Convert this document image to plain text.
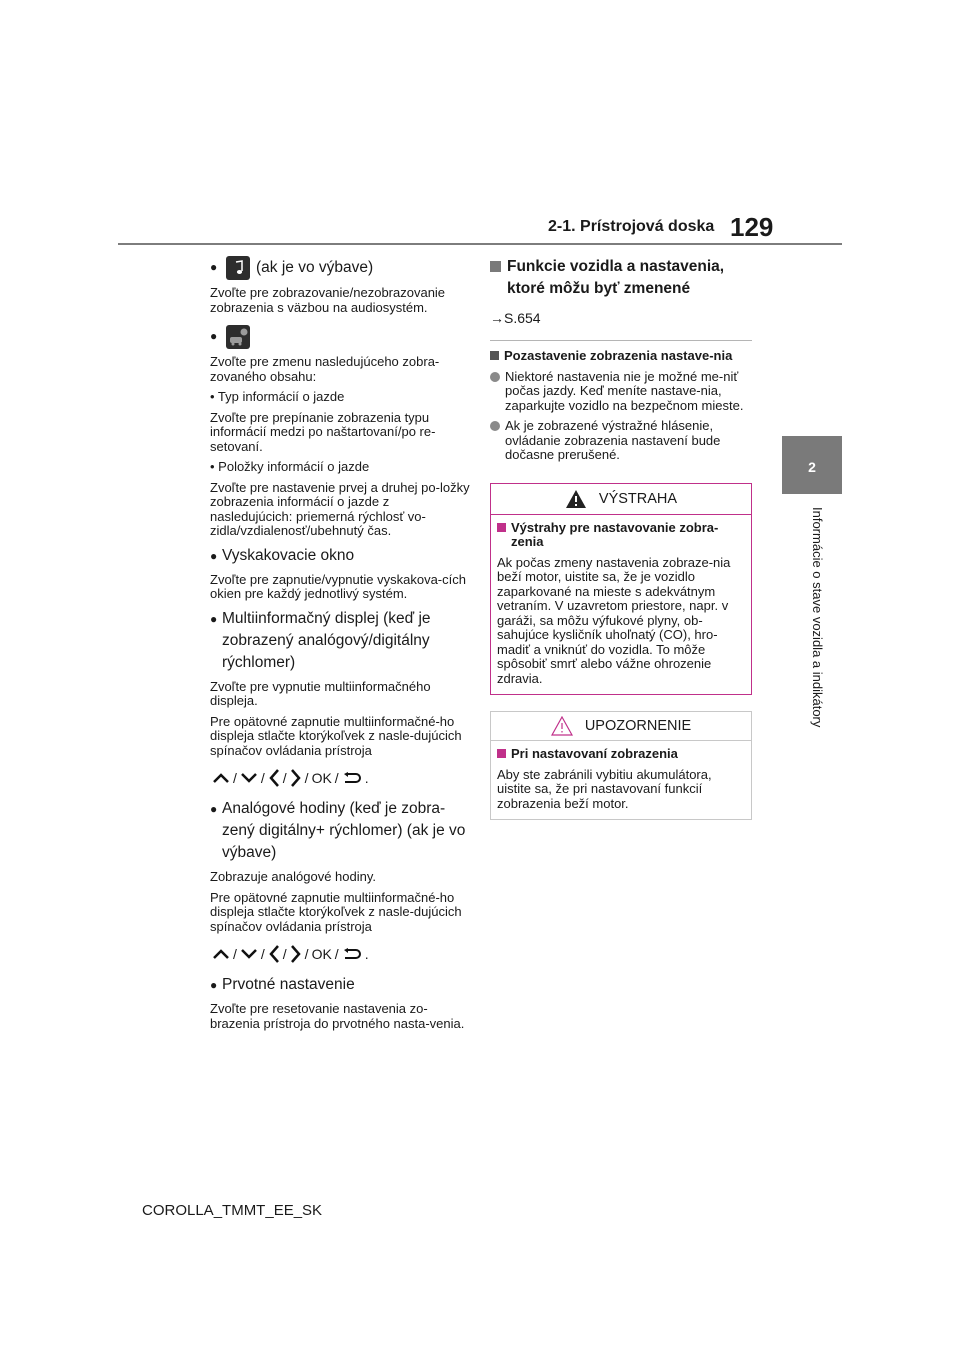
2-1. Prístrojová doska 129
2
Informácie o stave vozidla a indikátory
●	(ak je vo výbave)
Zvoľte pre zobrazovanie/nezobrazovanie zobrazenia s väzbou na audiosystém.
●
Zvoľte pre zmenu nasledujúceho zobra-zovaného obsahu:
• Typ informácií o jazde
Zvoľte pre prepínanie zobrazenia typu informácií medzi po naštartovaní/po re-setovaní.
• Položky informácií o jazde
Zvoľte pre nastavenie prvej a druhej po-ložky zobrazenia informácií o jazde z nasledujúcich: priemerná rýchlosť vo-zidla/vzdialenosť/ubehnutý čas.
● Vyskakovacie okno
Zvoľte pre zapnutie/vypnutie vyskakova-cích okien pre každý jednotlivý systém.
● Multiinformačný displej (keď je zobrazený analógový/digitálny rýchlomer)
Zvoľte pre vypnutie multiinformačného displeja.
Pre opätovné zapnutie multiinformačné-ho displeja stlačte ktorýkoľvek z nasle-dujúcich spínačov ovládania prístroja
/ / / / OK / .
● Analógové hodiny (keď je zobra-zený digitálny+ rýchlomer) (ak je vo výbave)
Zobrazuje analógové hodiny.
Pre opätovné zapnutie multiinformačné-ho displeja stlačte ktorýkoľvek z nasle-dujúcich spínačov ovládania prístroja
/ / / / OK / .
● Prvotné nastavenie
Zvoľte pre resetovanie nastavenia zo-brazenia prístroja do prvotného nasta-venia.
Funkcie vozidla a nastavenia, ktoré môžu byť zmenené
→S.654
Pozastavenie zobrazenia nastave-nia
Niektoré nastavenia nie je možné me-niť počas jazdy. Keď meníte nastave-nia, zaparkujte vozidlo na bezpečnom mieste.
Ak je zobrazené výstražné hlásenie, ovládanie zobrazenia nastavení bude dočasne prerušené.
VÝSTRAHA
Výstrahy pre nastavovanie zobra-zenia
Ak počas zmeny nastavenia zobraze-nia beží motor, uistite sa, že je vozidlo zaparkované na mieste s adekvátnym vetraním. V uzavretom priestore, napr. v garáži, sa môžu výfukové plyny, ob-sahujúce kysličník uhoľnatý (CO), hro-madiť a vniknúť do vozidla. To môže spôsobiť smrť alebo vážne ohrozenie zdravia.
UPOZORNENIE
Pri nastavovaní zobrazenia
Aby ste zabránili vybitiu akumulátora, uistite sa, že pri nastavovaní funkcií zobrazenia beží motor.
COROLLA_TMMT_EE_SK
